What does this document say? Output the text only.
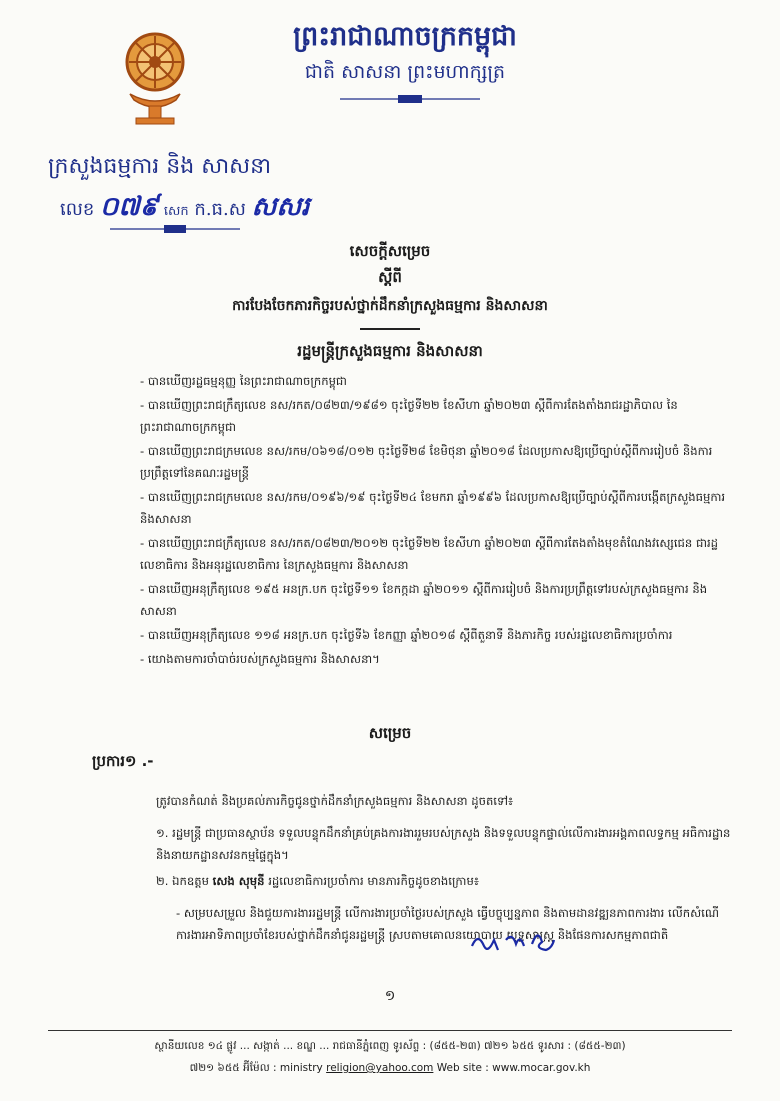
ព្រះរាជាណាចក្រកម្ពុជា
ជាតិ សាសនា ព្រះមហាក្សត្រ
ក្រសួងធម្មការ និង សាសនា
លេខ ០៧៩ សេក ក.ធ.ស សសរ
សេចក្តីសម្រេច
ស្តីពី
ការបែងចែកភារកិច្ចរបស់ថ្នាក់ដឹកនាំក្រសួងធម្មការ និងសាសនា
រដ្ឋមន្ត្រីក្រសួងធម្មការ និងសាសនា
- បានឃើញរដ្ឋធម្មនុញ្ញ នៃព្រះរាជាណាចក្រកម្ពុជា
- បានឃើញព្រះរាជក្រឹត្យលេខ នស/រកត/០៨២៣/១៩៨១ ចុះថ្ងៃទី២២ ខែសីហា ឆ្នាំ២០២៣ ស្តីពីការតែងតាំងរាជរដ្ឋាភិបាល នៃព្រះរាជាណាចក្រកម្ពុជា
- បានឃើញព្រះរាជក្រមលេខ នស/រកម/០៦១៨/០១២ ចុះថ្ងៃទី២៨ ខែមិថុនា ឆ្នាំ២០១៨ ដែលប្រកាសឱ្យប្រើច្បាប់ស្តីពីការរៀបចំ និងការប្រព្រឹត្តទៅនៃគណៈរដ្ឋមន្ត្រី
- បានឃើញព្រះរាជក្រមលេខ នស/រកម/០១៩៦/១៩ ចុះថ្ងៃទី២៤ ខែមករា ឆ្នាំ១៩៩៦ ដែលប្រកាសឱ្យប្រើច្បាប់ស្តីពីការបង្កើតក្រសួងធម្មការ និងសាសនា
- បានឃើញព្រះរាជក្រឹត្យលេខ នស/រកត/០៨២៣/២០១២ ចុះថ្ងៃទី២២ ខែសីហា ឆ្នាំ២០២៣ ស្តីពីការតែងតាំងមុខតំណែងវស្សេជេន ជារដ្ឋលេខាធិការ និងអនុរដ្ឋលេខាធិការ នៃក្រសួងធម្មការ និងសាសនា
- បានឃើញអនុក្រឹត្យលេខ ១៩៥ អនក្រ.បក ចុះថ្ងៃទី១១ ខែកក្កដា ឆ្នាំ២០១១ ស្តីពីការរៀបចំ និងការប្រព្រឹត្តទៅរបស់ក្រសួងធម្មការ និងសាសនា
- បានឃើញអនុក្រឹត្យលេខ ១១៨ អនក្រ.បក ចុះថ្ងៃទី៦ ខែកញ្ញា ឆ្នាំ២០១៨ ស្តីពីតួនាទី និងភារកិច្ច របស់រដ្ឋលេខាធិការប្រចាំការ
- យោងតាមការចាំបាច់របស់ក្រសួងធម្មការ និងសាសនា។
សម្រេច
ប្រការ១ .-
ត្រូវបានកំណត់ និងប្រគល់ភារកិច្ចជូនថ្នាក់ដឹកនាំក្រសួងធម្មការ និងសាសនា ដូចតទៅ៖
១. រដ្ឋមន្ត្រី ជាប្រធានស្ថាប័ន ទទួលបន្ទុកដឹកនាំគ្រប់គ្រងការងាររួមរបស់ក្រសួង និងទទួលបន្ទុកផ្ទាល់លើការងារអង្គភាពលទ្ធកម្ម អធិការដ្ឋាន និងនាយកដ្ឋានសវនកម្មផ្ទៃក្នុង។
២. ឯកឧត្តម សេង សុមុនី រដ្ឋលេខាធិការប្រចាំការ មានភារកិច្ចដូចខាងក្រោម៖
- សម្របសម្រួល និងជួយការងាររដ្ឋមន្ត្រី លើការងារប្រចាំថ្ងៃរបស់ក្រសួង ធ្វើបច្ចុប្បន្នភាព និងតាមដានវឌ្ឍនភាពការងារ លើកសំណើការងារអាទិភាពប្រចាំខែរបស់ថ្នាក់ដឹកនាំជូនរដ្ឋមន្ត្រី ស្របតាមគោលនយោបាយ យុទ្ធសាស្ត្រ និងផែនការសកម្មភាពជាតិ
១
ស្ថានីយលេខ ១៤ ផ្លូវ ... សង្កាត់ ... ខណ្ឌ ... រាជធានីភ្នំពេញ ទូរស័ព្ទ : (៨៥៥-២៣) ៧២១ ៦៥៥ ទូរសារ : (៨៥៥-២៣)
៧២១ ៦៥៥ អ៊ីម៉ែល : ministry religion@yahoo.com Web site : www.mocar.gov.kh
